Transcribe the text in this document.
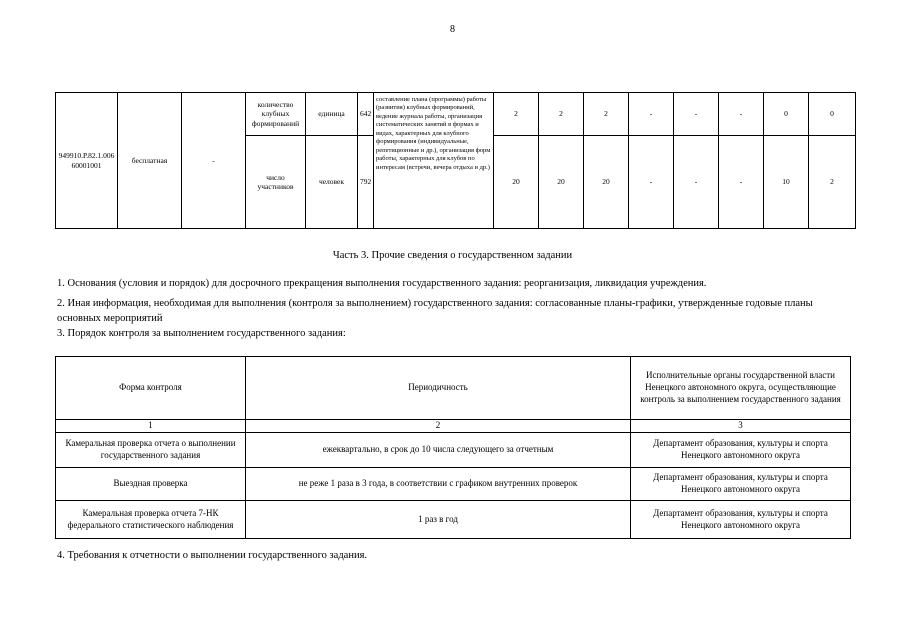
8
949910.Р.82.1.006 60001001	бесплатная	-	количество клубных формирований	единица	642	составление плана (программы) работы (развития) клубных формирований, ведение журнала работы, организация систематических занятий в формах и видах, характерных для клубного формирования (индивидуальные, репетиционные и др.), организация форм работы, характерных для клубов по интересам (встречи, вечера отдыха и др.)	2	2	2	-	-	-	0	0
			число участников	человек	792		20	20	20	-	-	-	10	2

Часть 3. Прочие сведения о государственном задании

1. Основания (условия и порядок) для досрочного прекращения выполнения государственного задания: реорганизация, ликвидация учреждения.

2. Иная информация, необходимая для выполнения (контроля за выполнением) государственного задания: согласованные планы-графики, утвержденные годовые планы основных мероприятий

3. Порядок контроля за выполнением государственного задания:

Форма контроля	Периодичность	Исполнительные органы государственной власти Ненецкого автономного округа, осуществляющие контроль за выполнением государственного задания
1	2	3
Камеральная проверка отчета о выполнении государственного задания	ежеквартально, в срок до 10 числа следующего за отчетным	Департамент образования, культуры и спорта Ненецкого автономного округа
Выездная проверка	не реже 1 раза в 3 года, в соответствии с графиком внутренних проверок	Департамент образования, культуры и спорта Ненецкого автономного округа
Камеральная проверка отчета 7-НК федерального статистического наблюдения	1 раз в год	Департамент образования, культуры и спорта Ненецкого автономного округа

4. Требования к отчетности о выполнении государственного задания.
